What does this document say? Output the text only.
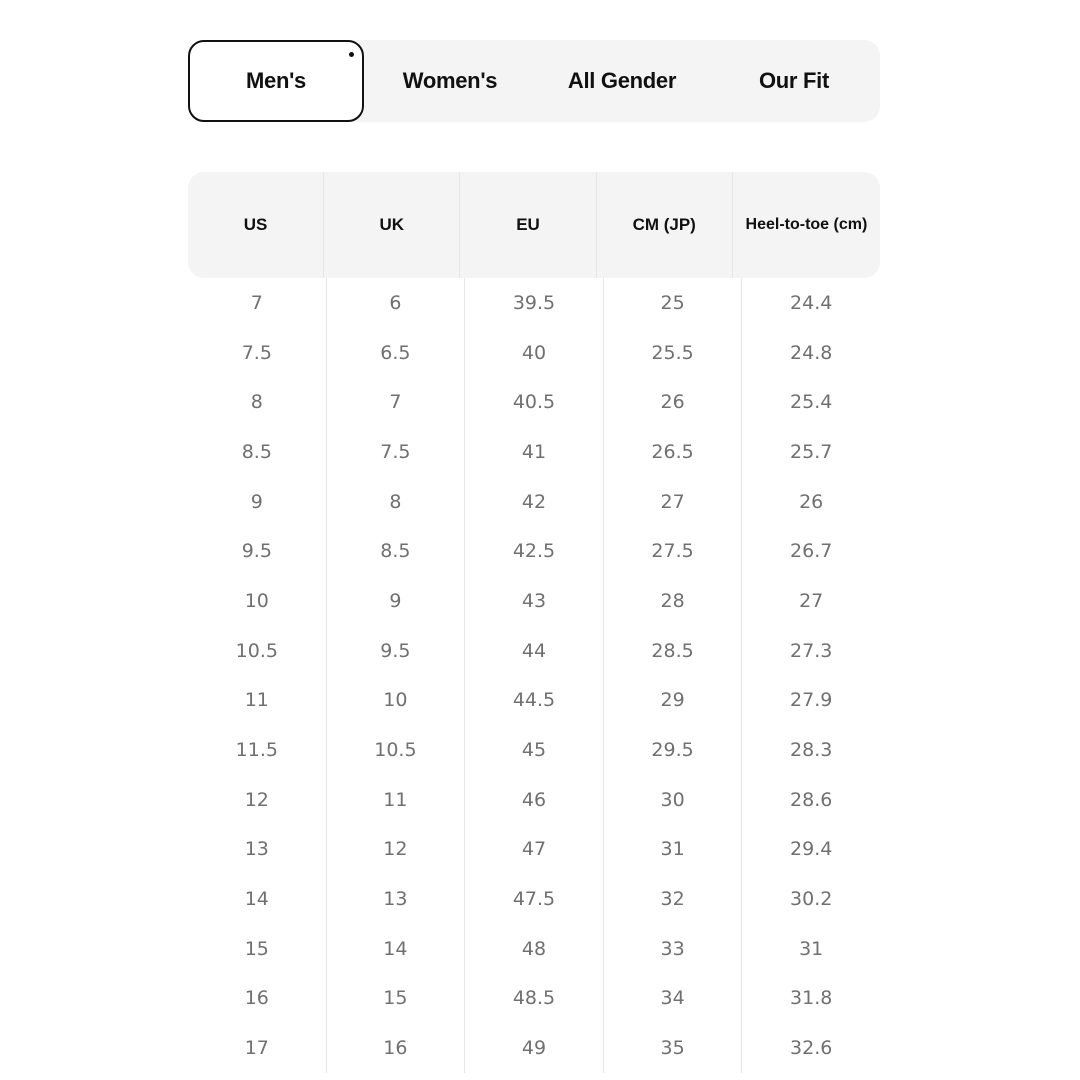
Men's	Women's	All Gender	Our Fit
US	UK	EU	CM (JP)	Heel-to-toe (cm)
7	6	39.5	25	24.4
7.5	6.5	40	25.5	24.8
8	7	40.5	26	25.4
8.5	7.5	41	26.5	25.7
9	8	42	27	26
9.5	8.5	42.5	27.5	26.7
10	9	43	28	27
10.5	9.5	44	28.5	27.3
11	10	44.5	29	27.9
11.5	10.5	45	29.5	28.3
12	11	46	30	28.6
13	12	47	31	29.4
14	13	47.5	32	30.2
15	14	48	33	31
16	15	48.5	34	31.8
17	16	49	35	32.6
